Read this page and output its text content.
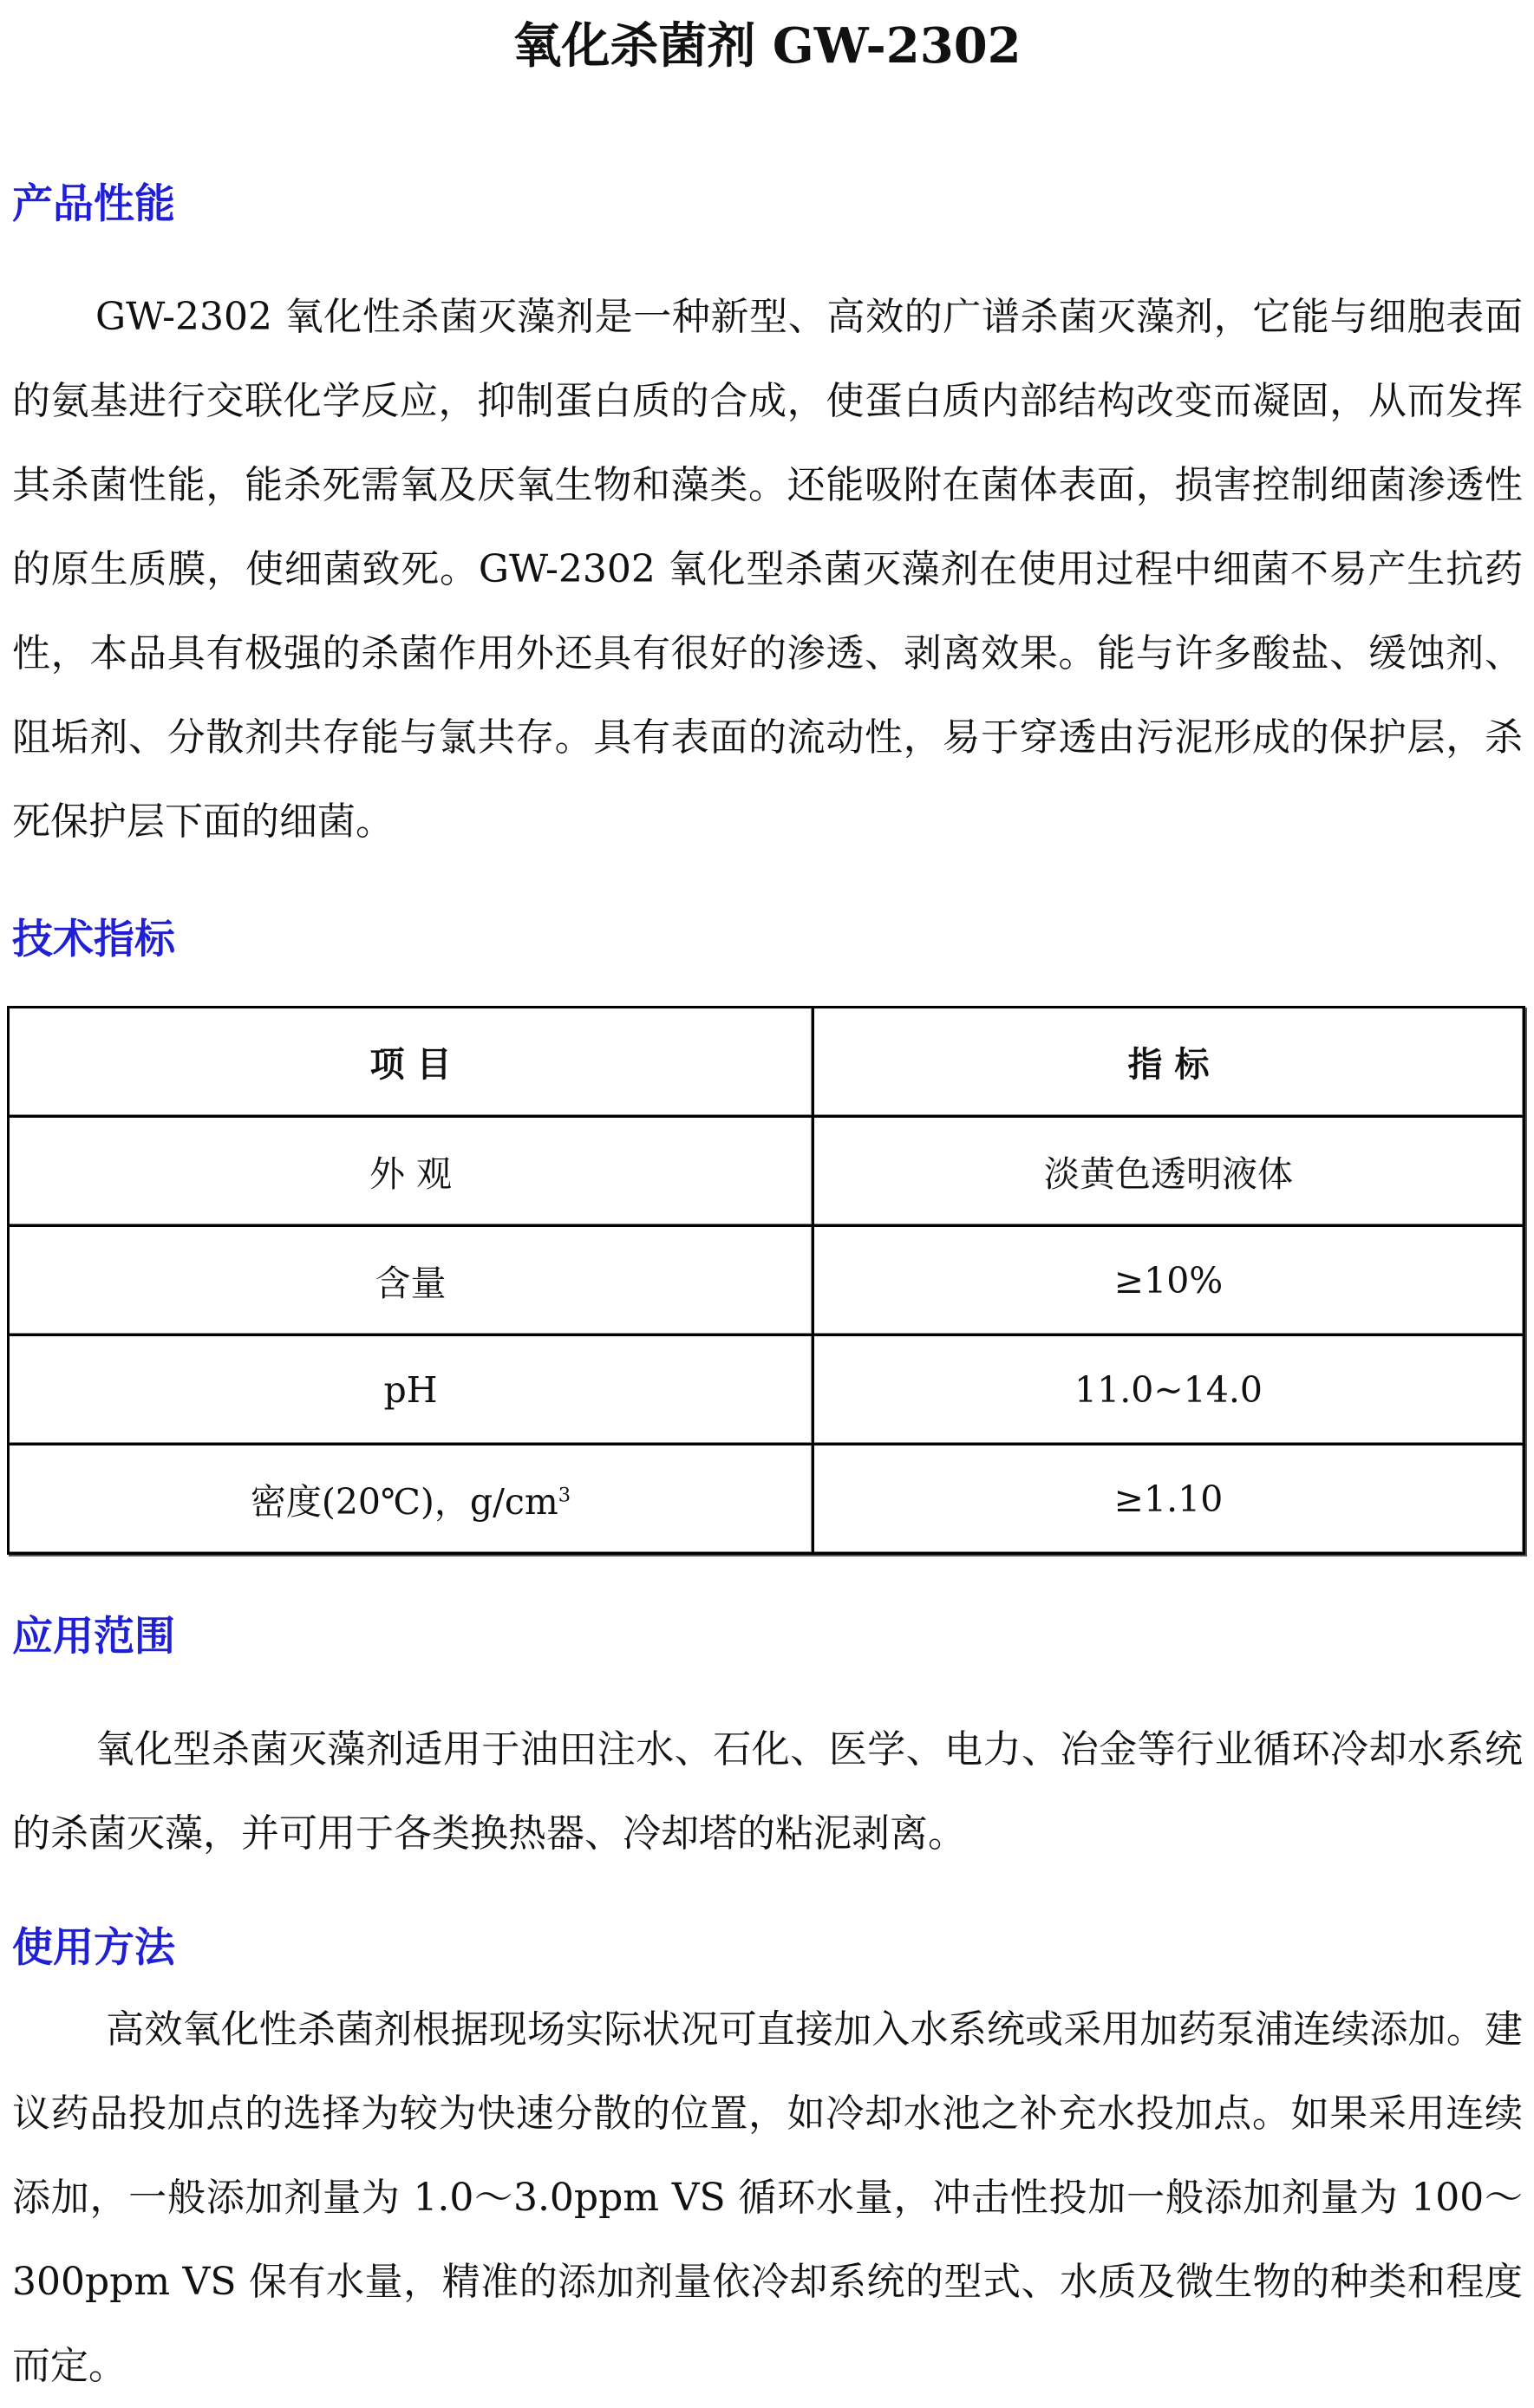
氧化杀菌剂 GW-2302
产品性能

GW-2302 氧化性杀菌灭藻剂是一种新型、高效的广谱杀菌灭藻剂，它能与细胞表面的氨基进行交联化学反应，抑制蛋白质的合成，使蛋白质内部结构改变而凝固，从而发挥其杀菌性能，能杀死需氧及厌氧生物和藻类。还能吸附在菌体表面，损害控制细菌渗透性的原生质膜，使细菌致死。GW-2302 氧化型杀菌灭藻剂在使用过程中细菌不易产生抗药性，本品具有极强的杀菌作用外还具有很好的渗透、剥离效果。能与许多酸盐、缓蚀剂、阻垢剂、分散剂共存能与氯共存。具有表面的流动性，易于穿透由污泥形成的保护层，杀死保护层下面的细菌。

技术指标
项 目	指 标
外 观	淡黄色透明液体
含量	≥10%
pH	11.0~14.0
密度(20℃)，$g/cm^3$	≥1.10
应用范围

氧化型杀菌灭藻剂适用于油田注水、石化、医学、电力、冶金等行业循环冷却水系统的杀菌灭藻，并可用于各类换热器、冷却塔的粘泥剥离。

使用方法

高效氧化性杀菌剂根据现场实际状况可直接加入水系统或采用加药泵浦连续添加。建议药品投加点的选择为较为快速分散的位置，如冷却水池之补充水投加点。如果采用连续添加，一般添加剂量为 1.0～3.0ppm VS 循环水量，冲击性投加一般添加剂量为 100～300ppm VS 保有水量，精准的添加剂量依冷却系统的型式、水质及微生物的种类和程度而定。
